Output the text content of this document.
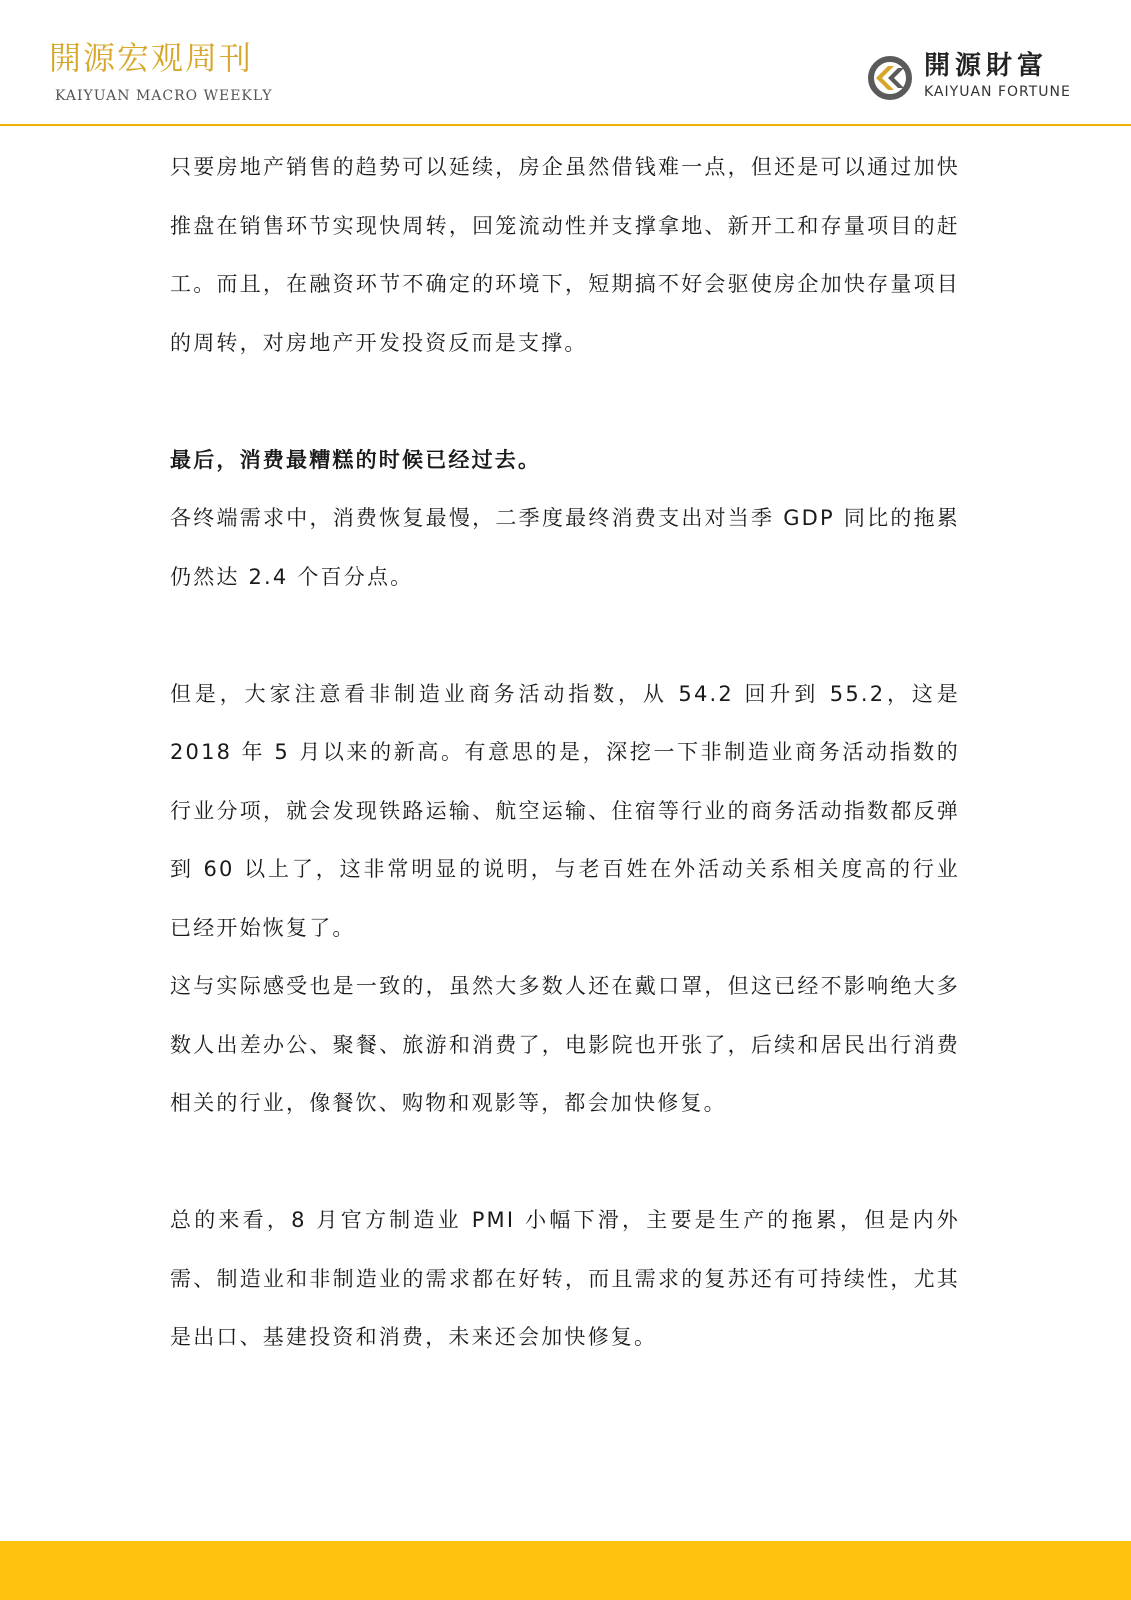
開源宏观周刊
KAIYUAN MACRO WEEKLY
開源財富
KAIYUAN FORTUNE

只要房地产销售的趋势可以延续，房企虽然借钱难一点，但还是可以通过加快推盘在销售环节实现快周转，回笼流动性并支撑拿地、新开工和存量项目的赶工。而且，在融资环节不确定的环境下，短期搞不好会驱使房企加快存量项目的周转，对房地产开发投资反而是支撑。

最后，消费最糟糕的时候已经过去。

各终端需求中，消费恢复最慢，二季度最终消费支出对当季 GDP 同比的拖累仍然达 2.4 个百分点。

但是，大家注意看非制造业商务活动指数，从 54.2 回升到 55.2，这是 2018 年 5 月以来的新高。有意思的是，深挖一下非制造业商务活动指数的行业分项，就会发现铁路运输、航空运输、住宿等行业的商务活动指数都反弹到 60 以上了，这非常明显的说明，与老百姓在外活动关系相关度高的行业已经开始恢复了。

这与实际感受也是一致的，虽然大多数人还在戴口罩，但这已经不影响绝大多数人出差办公、聚餐、旅游和消费了，电影院也开张了，后续和居民出行消费相关的行业，像餐饮、购物和观影等，都会加快修复。

总的来看，8 月官方制造业 PMI 小幅下滑，主要是生产的拖累，但是内外需、制造业和非制造业的需求都在好转，而且需求的复苏还有可持续性，尤其是出口、基建投资和消费，未来还会加快修复。
